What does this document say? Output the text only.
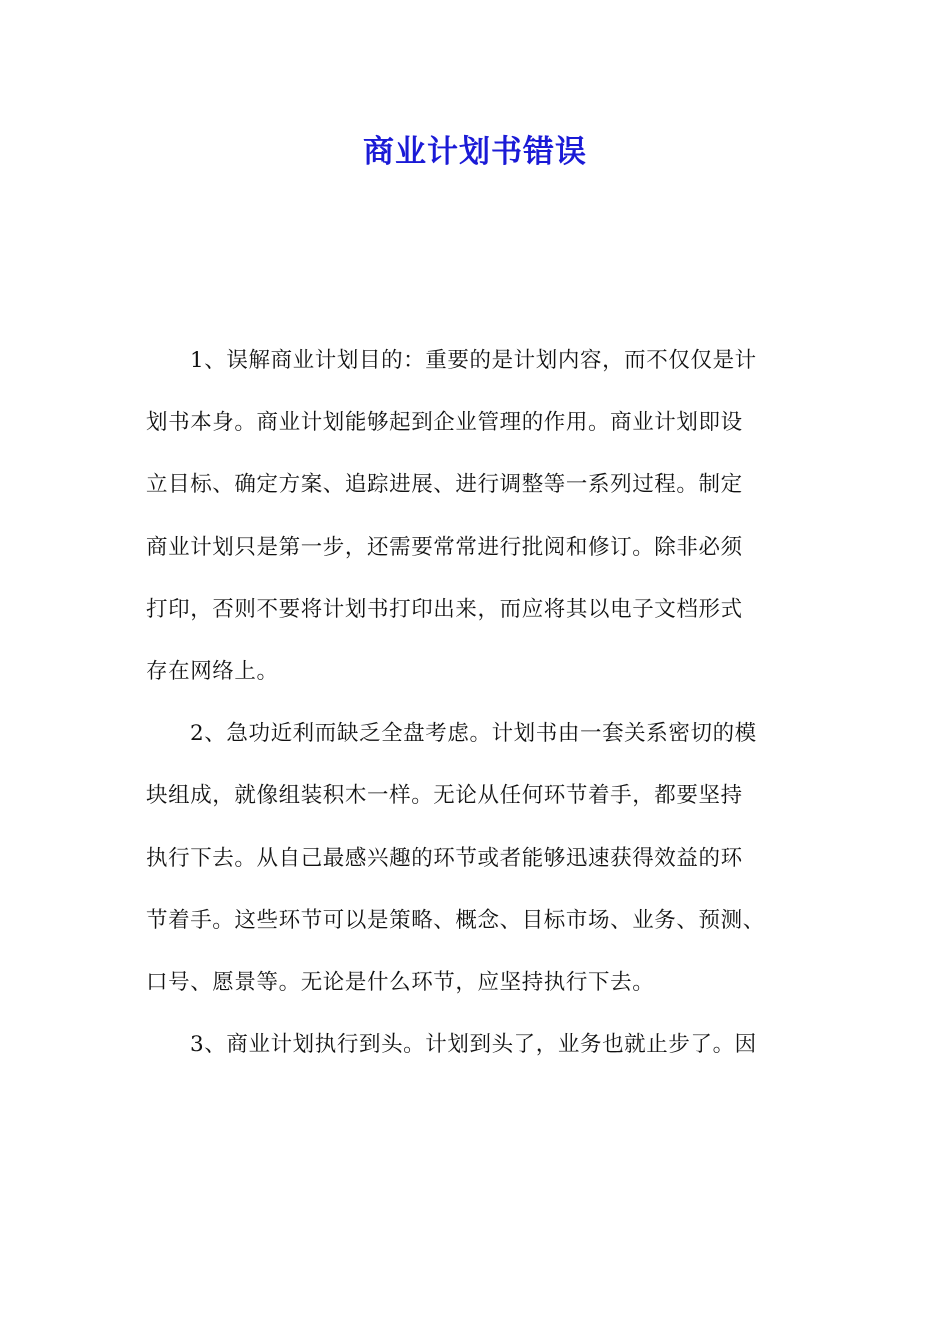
商业计划书错误
1、误解商业计划目的：重要的是计划内容，而不仅仅是计
划书本身。商业计划能够起到企业管理的作用。商业计划即设
立目标、确定方案、追踪进展、进行调整等一系列过程。制定
商业计划只是第一步，还需要常常进行批阅和修订。除非必须
打印，否则不要将计划书打印出来，而应将其以电子文档形式
存在网络上。
2、急功近利而缺乏全盘考虑。计划书由一套关系密切的模
块组成，就像组装积木一样。无论从任何环节着手，都要坚持
执行下去。从自己最感兴趣的环节或者能够迅速获得效益的环
节着手。这些环节可以是策略、概念、目标市场、业务、预测、
口号、愿景等。无论是什么环节，应坚持执行下去。
3、商业计划执行到头。计划到头了，业务也就止步了。因
